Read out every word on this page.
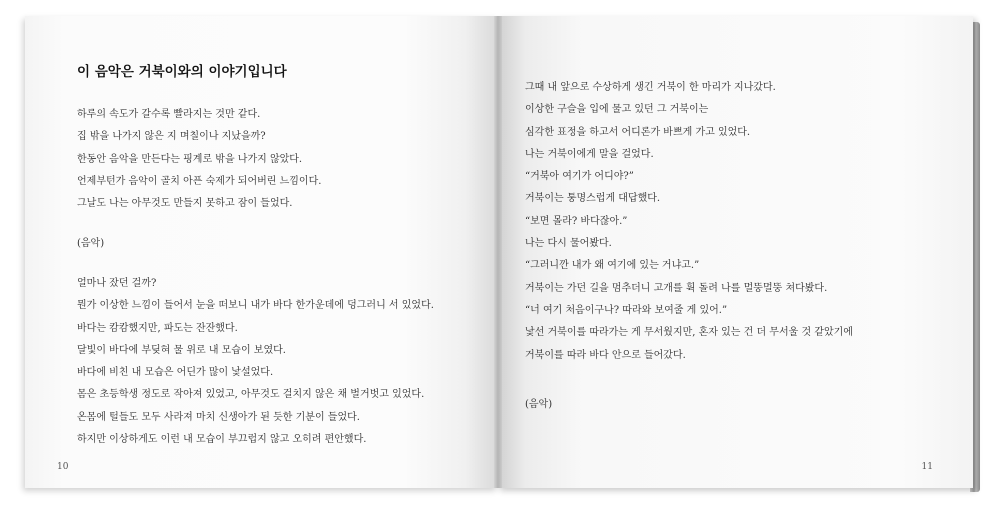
이 음악은 거북이와의 이야기입니다
하루의 속도가 갈수록 빨라지는 것만 같다.
집 밖을 나가지 않은 지 며칠이나 지났을까?
한동안 음악을 만든다는 핑계로 밖을 나가지 않았다.
언제부턴가 음악이 골치 아픈 숙제가 되어버린 느낌이다.
그날도 나는 아무것도 만들지 못하고 잠이 들었다.
(음악)
얼마나 잤던 걸까?
뭔가 이상한 느낌이 들어서 눈을 떠보니 내가 바다 한가운데에 덩그러니 서 있었다.
바다는 캄캄했지만, 파도는 잔잔했다.
달빛이 바다에 부딪혀 물 위로 내 모습이 보였다.
바다에 비친 내 모습은 어딘가 많이 낯설었다.
몸은 초등학생 정도로 작아져 있었고, 아무것도 걸치지 않은 채 벌거벗고 있었다.
온몸에 털들도 모두 사라져 마치 신생아가 된 듯한 기분이 들었다.
하지만 이상하게도 이런 내 모습이 부끄럽지 않고 오히려 편안했다.
10
그때 내 앞으로 수상하게 생긴 거북이 한 마리가 지나갔다.
이상한 구슬을 입에 물고 있던 그 거북이는
심각한 표정을 하고서 어디론가 바쁘게 가고 있었다.
나는 거북이에게 말을 걸었다.
“거북아 여기가 어디야?”
거북이는 퉁명스럽게 대답했다.
“보면 몰라? 바다잖아.”
나는 다시 물어봤다.
“그러니깐 내가 왜 여기에 있는 거냐고.”
거북이는 가던 길을 멈추더니 고개를 휙 돌려 나를 멀뚱멀뚱 쳐다봤다.
“너 여기 처음이구나? 따라와 보여줄 게 있어.”
낯선 거북이를 따라가는 게 무서웠지만, 혼자 있는 건 더 무서울 것 같았기에
거북이를 따라 바다 안으로 들어갔다.
(음악)
11
